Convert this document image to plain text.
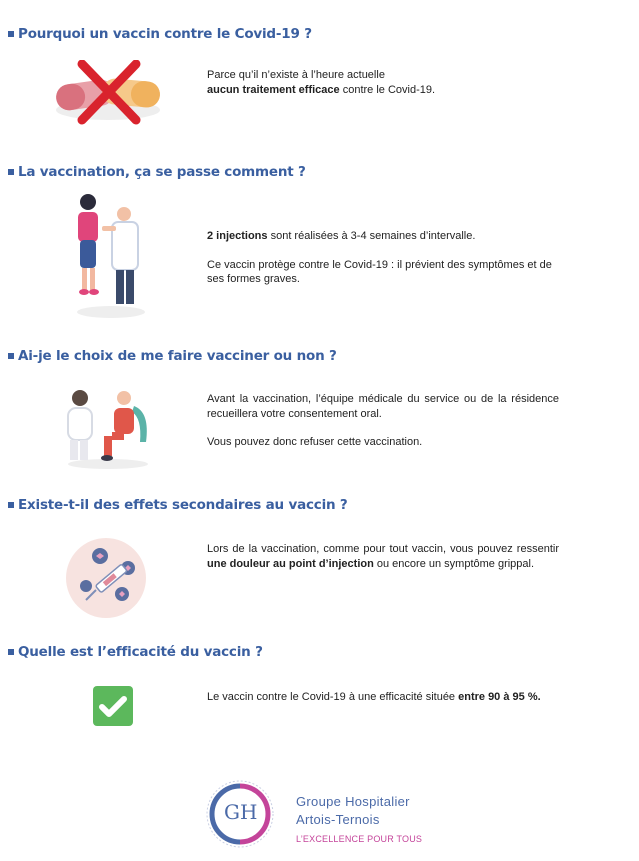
Pourquoi un vaccin contre le Covid-19 ?

Parce qu’il n’existe à l’heure actuelle
aucun traitement efficace contre le Covid-19.

La vaccination, ça se passe comment ?

2 injections sont réalisées à 3-4 semaines d’intervalle.

Ce vaccin protège contre le Covid-19 : il prévient des symptômes et de ses formes graves.

Ai-je le choix de me faire vacciner ou non ?

Avant la vaccination, l’équipe médicale du service ou de la résidence recueillera votre consentement oral.

Vous pouvez donc refuser cette vaccination.

Existe-t-il des effets secondaires au vaccin ?

Lors de la vaccination, comme pour tout vaccin, vous pouvez ressentir une douleur au point d’injection ou encore un symptôme grippal.

Quelle est l’efficacité du vaccin ?

Le vaccin contre le Covid-19 à une efficacité située entre 90 à 95 %.

GH	Groupe Hospitalier
Artois-Ternois
L’EXCELLENCE POUR TOUS
